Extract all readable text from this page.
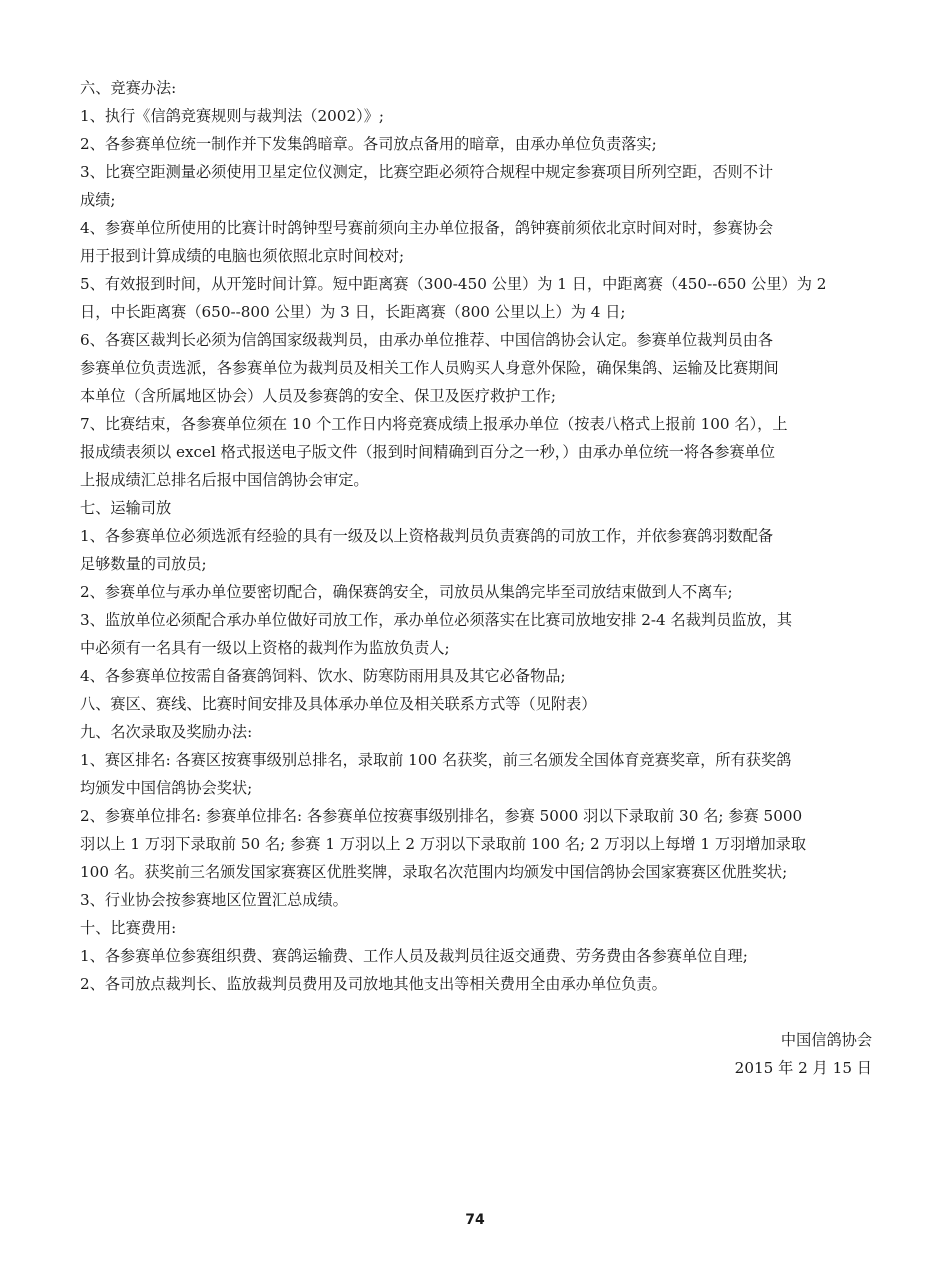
六、竞赛办法:
1、执行《信鸽竞赛规则与裁判法（2002）》;
2、各参赛单位统一制作并下发集鸽暗章。各司放点备用的暗章，由承办单位负责落实;
3、比赛空距测量必须使用卫星定位仪测定，比赛空距必须符合规程中规定参赛项目所列空距，否则不计
成绩;
4、参赛单位所使用的比赛计时鸽钟型号赛前须向主办单位报备，鸽钟赛前须依北京时间对时，参赛协会
用于报到计算成绩的电脑也须依照北京时间校对;
5、有效报到时间，从开笼时间计算。短中距离赛（300-450 公里）为 1 日，中距离赛（450--650 公里）为 2
日，中长距离赛（650--800 公里）为 3 日，长距离赛（800 公里以上）为 4 日;
6、各赛区裁判长必须为信鸽国家级裁判员，由承办单位推荐、中国信鸽协会认定。参赛单位裁判员由各
参赛单位负责选派，各参赛单位为裁判员及相关工作人员购买人身意外保险，确保集鸽、运输及比赛期间
本单位（含所属地区协会）人员及参赛鸽的安全、保卫及医疗救护工作;
7、比赛结束，各参赛单位须在 10 个工作日内将竞赛成绩上报承办单位（按表八格式上报前 100 名），上
报成绩表须以 excel 格式报送电子版文件（报到时间精确到百分之一秒，）由承办单位统一将各参赛单位
上报成绩汇总排名后报中国信鸽协会审定。
七、运输司放
1、各参赛单位必须选派有经验的具有一级及以上资格裁判员负责赛鸽的司放工作，并依参赛鸽羽数配备
足够数量的司放员;
2、参赛单位与承办单位要密切配合，确保赛鸽安全，司放员从集鸽完毕至司放结束做到人不离车;
3、监放单位必须配合承办单位做好司放工作，承办单位必须落实在比赛司放地安排 2-4 名裁判员监放，其
中必须有一名具有一级以上资格的裁判作为监放负责人;
4、各参赛单位按需自备赛鸽饲料、饮水、防寒防雨用具及其它必备物品;
八、赛区、赛线、比赛时间安排及具体承办单位及相关联系方式等（见附表）
九、名次录取及奖励办法:
1、赛区排名: 各赛区按赛事级别总排名，录取前 100 名获奖，前三名颁发全国体育竞赛奖章，所有获奖鸽
均颁发中国信鸽协会奖状;
2、参赛单位排名: 参赛单位排名: 各参赛单位按赛事级别排名，参赛 5000 羽以下录取前 30 名; 参赛 5000
羽以上 1 万羽下录取前 50 名; 参赛 1 万羽以上 2 万羽以下录取前 100 名; 2 万羽以上每增 1 万羽增加录取
100 名。获奖前三名颁发国家赛赛区优胜奖牌，录取名次范围内均颁发中国信鸽协会国家赛赛区优胜奖状;
3、行业协会按参赛地区位置汇总成绩。
十、比赛费用:
1、各参赛单位参赛组织费、赛鸽运输费、工作人员及裁判员往返交通费、劳务费由各参赛单位自理;
2、各司放点裁判长、监放裁判员费用及司放地其他支出等相关费用全由承办单位负责。
中国信鸽协会
2015 年 2 月 15 日
74
